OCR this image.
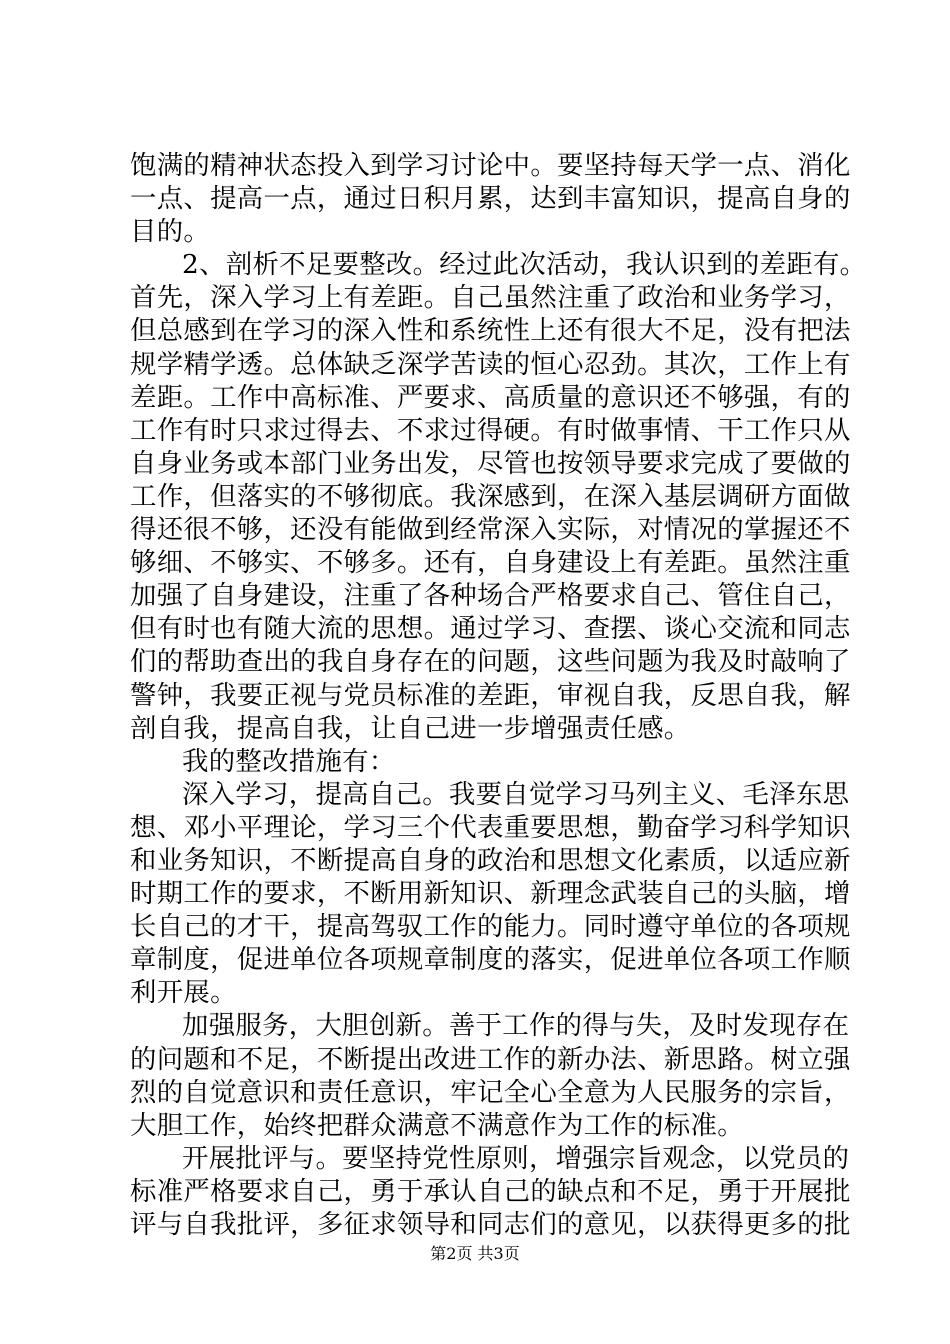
饱满的精神状态投入到学习讨论中。要坚持每天学一点、消化
一点、提高一点，通过日积月累，达到丰富知识，提高自身的
目的。
2、剖析不足要整改。经过此次活动，我认识到的差距有。
首先，深入学习上有差距。自己虽然注重了政治和业务学习，
但总感到在学习的深入性和系统性上还有很大不足，没有把法
规学精学透。总体缺乏深学苦读的恒心忍劲。其次，工作上有
差距。工作中高标准、严要求、高质量的意识还不够强，有的
工作有时只求过得去、不求过得硬。有时做事情、干工作只从
自身业务或本部门业务出发，尽管也按领导要求完成了要做的
工作，但落实的不够彻底。我深感到，在深入基层调研方面做
得还很不够，还没有能做到经常深入实际，对情况的掌握还不
够细、不够实、不够多。还有，自身建设上有差距。虽然注重
加强了自身建设，注重了各种场合严格要求自己、管住自己，
但有时也有随大流的思想。通过学习、查摆、谈心交流和同志
们的帮助查出的我自身存在的问题，这些问题为我及时敲响了
警钟，我要正视与党员标准的差距，审视自我，反思自我，解
剖自我，提高自我，让自己进一步增强责任感。
我的整改措施有：
深入学习，提高自己。我要自觉学习马列主义、毛泽东思
想、邓小平理论，学习三个代表重要思想，勤奋学习科学知识
和业务知识，不断提高自身的政治和思想文化素质，以适应新
时期工作的要求，不断用新知识、新理念武装自己的头脑，增
长自己的才干，提高驾驭工作的能力。同时遵守单位的各项规
章制度，促进单位各项规章制度的落实，促进单位各项工作顺
利开展。
加强服务，大胆创新。善于工作的得与失，及时发现存在
的问题和不足，不断提出改进工作的新办法、新思路。树立强
烈的自觉意识和责任意识，牢记全心全意为人民服务的宗旨，
大胆工作，始终把群众满意不满意作为工作的标准。
开展批评与。要坚持党性原则，增强宗旨观念，以党员的
标准严格要求自己，勇于承认自己的缺点和不足，勇于开展批
评与自我批评，多征求领导和同志们的意见，以获得更多的批
第2页 共3页
